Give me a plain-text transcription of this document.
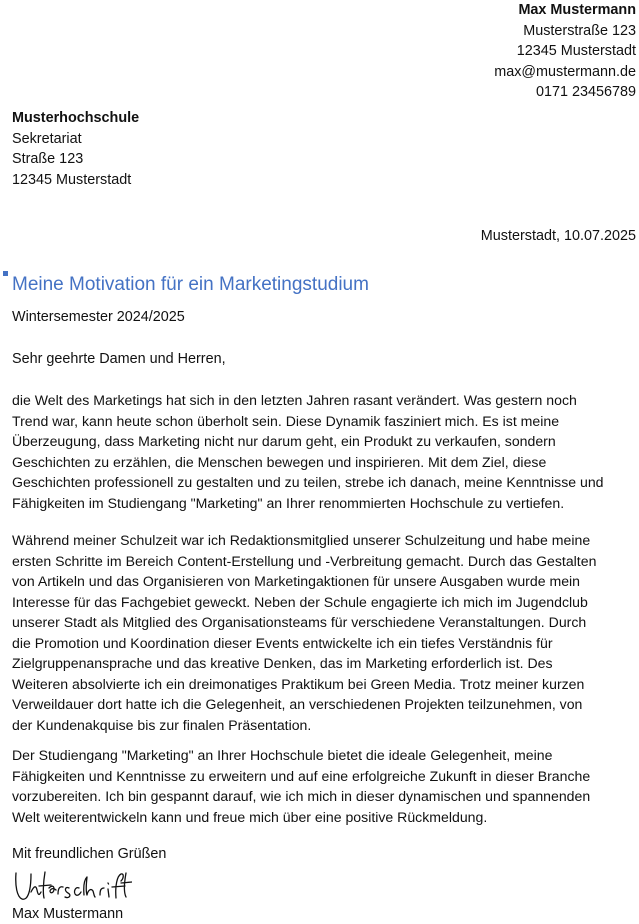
Max Mustermann
Musterstraße 123
12345 Musterstadt
max@mustermann.de
0171 23456789
Musterhochschule
Sekretariat
Straße 123
12345 Musterstadt
Musterstadt, 10.07.2025
Meine Motivation für ein Marketingstudium
Wintersemester 2024/2025
Sehr geehrte Damen und Herren,
die Welt des Marketings hat sich in den letzten Jahren rasant verändert. Was gestern noch
Trend war, kann heute schon überholt sein. Diese Dynamik fasziniert mich. Es ist meine
Überzeugung, dass Marketing nicht nur darum geht, ein Produkt zu verkaufen, sondern
Geschichten zu erzählen, die Menschen bewegen und inspirieren. Mit dem Ziel, diese
Geschichten professionell zu gestalten und zu teilen, strebe ich danach, meine Kenntnisse und
Fähigkeiten im Studiengang "Marketing" an Ihrer renommierten Hochschule zu vertiefen.
Während meiner Schulzeit war ich Redaktionsmitglied unserer Schulzeitung und habe meine
ersten Schritte im Bereich Content-Erstellung und -Verbreitung gemacht. Durch das Gestalten
von Artikeln und das Organisieren von Marketingaktionen für unsere Ausgaben wurde mein
Interesse für das Fachgebiet geweckt. Neben der Schule engagierte ich mich im Jugendclub
unserer Stadt als Mitglied des Organisationsteams für verschiedene Veranstaltungen. Durch
die Promotion und Koordination dieser Events entwickelte ich ein tiefes Verständnis für
Zielgruppenansprache und das kreative Denken, das im Marketing erforderlich ist. Des
Weiteren absolvierte ich ein dreimonatiges Praktikum bei Green Media. Trotz meiner kurzen
Verweildauer dort hatte ich die Gelegenheit, an verschiedenen Projekten teilzunehmen, von
der Kundenakquise bis zur finalen Präsentation.
Der Studiengang "Marketing" an Ihrer Hochschule bietet die ideale Gelegenheit, meine
Fähigkeiten und Kenntnisse zu erweitern und auf eine erfolgreiche Zukunft in dieser Branche
vorzubereiten. Ich bin gespannt darauf, wie ich mich in dieser dynamischen und spannenden
Welt weiterentwickeln kann und freue mich über eine positive Rückmeldung.
Mit freundlichen Grüßen
Max Mustermann
